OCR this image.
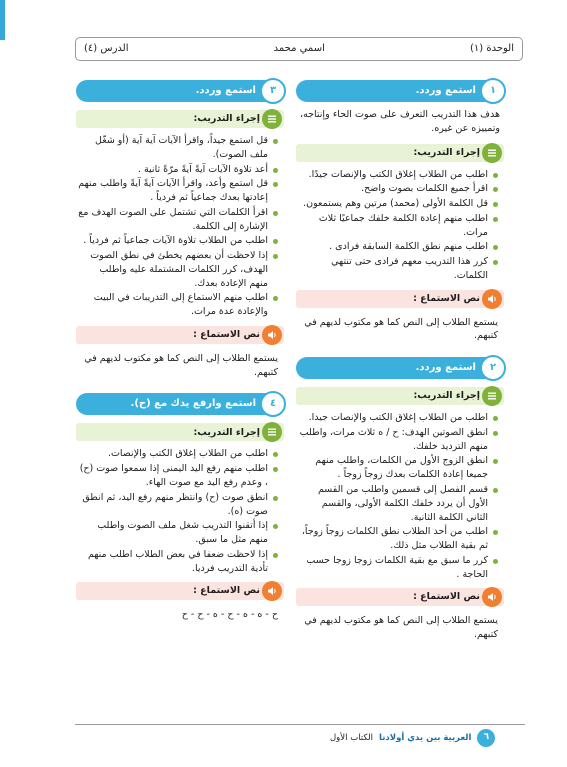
الوحدة (١)
اسمي محمد
الدرس (٤)
١
استمع وردد.
هدف هذا التدريب التعرف على صوت الحاء وإنتاجه، وتمييزه عن غيره.
إجراء التدريب:
اطلب من الطلاب إغلاق الكتب والإنصات جيدًا.
اقرأ جميع الكلمات بصوت واضح.
قل الكلمة الأولى (محمد) مرتين وهم يستمعون.
اطلب منهم إعادة الكلمة خلفك جماعيًا ثلاث مرات.
اطلب منهم نطق الكلمة السابقة فرادى .
كرر هذا التدريب معهم فرادى حتى تنتهي الكلمات.
نص الاستماع :
يستمع الطلاب إلى النص كما هو مكتوب لديهم في كتبهم.
٢
استمع وردد.
إجراء التدريب:
اطلب من الطلاب إغلاق الكتب والإنصات جيدا.
انطق الصوتين الهدف: ح / ه ثلاث مرات، واطلب منهم الترديد خلفك.
انطق الزوج الأول من الكلمات، واطلب منهم جميعا إعادة الكلمات بعدك زوجاً زوجاً .
قسم الفصل إلى قسمين واطلب من القسم الأول أن يردد خلفك الكلمة الأولى، والقسم الثاني الكلمة الثانية.
اطلب من أحد الطلاب نطق الكلمات زوجاً زوجاً، ثم بقية الطلاب مثل ذلك.
كرر ما سبق مع بقية الكلمات زوجا زوجا حسب الحاجة .
نص الاستماع :
يستمع الطلاب إلى النص كما هو مكتوب لديهم في كتبهم.
٣
استمع وردد.
إجراء التدريب:
قل استمع جيداً، واقرأ الآيات آية آية (أو شغّل ملف الصوت).
أعد تلاوة الآيات آيةً آيةً مرّةً ثانية .
قل استمع وأعد، واقرأ الآيات آيةً آيةً واطلب منهم إعادتها بعدك جماعياً ثم فردياً .
اقرأ الكلمات التي تشتمل على الصوت الهدف مع الإشارة إلى الكلمة.
اطلب من الطلاب تلاوة الآيات جماعياً ثم فردياً .
إذا لاحظت أن بعضهم يخطئ في نطق الصوت الهدف، كرر الكلمات المشتملة عليه واطلب منهم الإعادة بعدك.
اطلب منهم الاستماع إلى التدريبات في البيت والإعادة عدة مرات.
نص الاستماع :
يستمع الطلاب إلى النص كما هو مكتوب لديهم في كتبهم.
٤
استمع وارفع يدك مع (ح).
إجراء التدريب:
اطلب من الطلاب إغلاق الكتب والإنصات.
اطلب منهم رفع اليد اليمنى إذا سمعوا صوت (ح) ، وعدم رفع اليد مع صوت الهاء.
انطق صوت (ح) وانتظر منهم رفع اليد، ثم انطق صوت (ه).
إذا أتقنوا التدريب شغل ملف الصوت واطلب منهم مثل ما سبق.
إذا لاحظت ضعفا في بعض الطلاب اطلب منهم تأدية التدريب فرديا.
نص الاستماع :
ح - ه - ه - ح - ه - ح - ح
٦
العربية بين يدي أولادنا
الكتاب الأول
